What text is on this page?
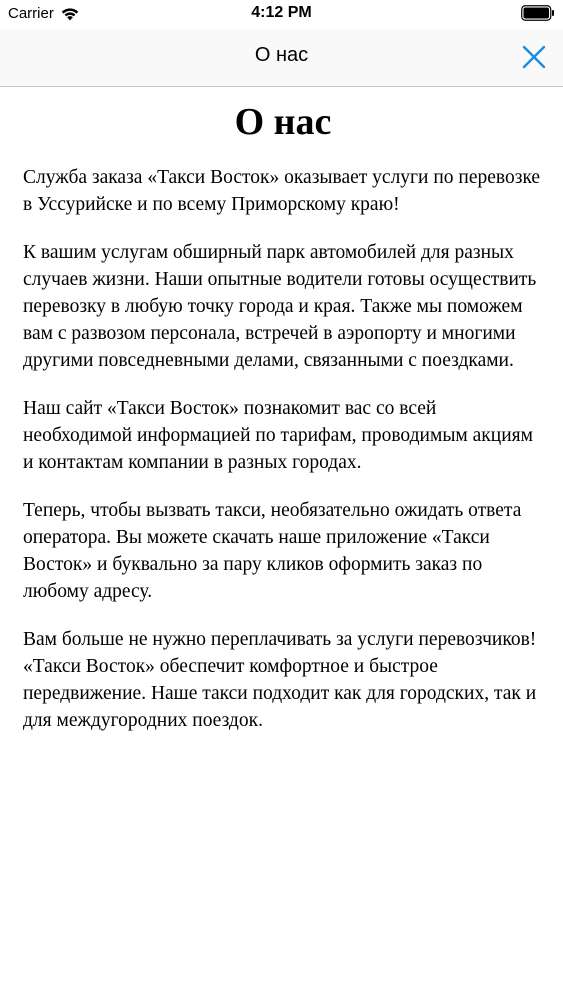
Carrier	4:12 PM
О нас
О нас

Служба заказа «Такси Восток» оказывает услуги по перевозке в Уссурийске и по всему Приморскому краю!

К вашим услугам обширный парк автомобилей для разных случаев жизни. Наши опытные водители готовы осуществить перевозку в любую точку города и края. Также мы поможем вам с развозом персонала, встречей в аэропорту и многими другими повседневными делами, связанными с поездками.

Наш сайт «Такси Восток» познакомит вас со всей необходимой информацией по тарифам, проводимым акциям и контактам компании в разных городах.

Теперь, чтобы вызвать такси, необязательно ожидать ответа оператора. Вы можете скачать наше приложение «Такси Восток» и буквально за пару кликов оформить заказ по любому адресу.

Вам больше не нужно переплачивать за услуги перевозчиков! «Такси Восток» обеспечит комфортное и быстрое передвижение. Наше такси подходит как для городских, так и для междугородних поездок.
